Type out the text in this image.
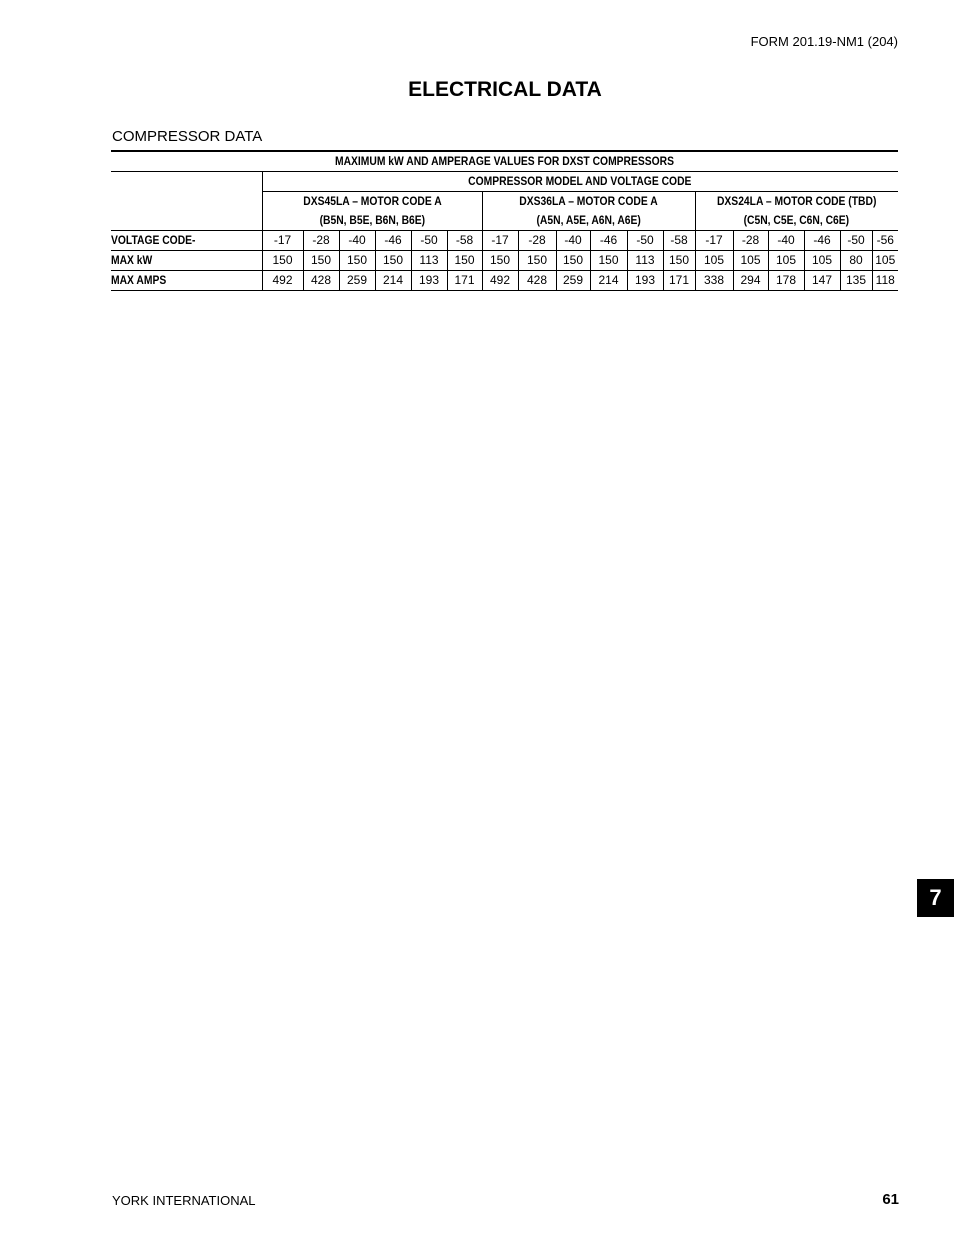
FORM 201.19-NM1 (204)
ELECTRICAL DATA
COMPRESSOR DATA
MAXIMUM kW AND AMPERAGE VALUES FOR DXST COMPRESSORS																		
	COMPRESSOR MODEL AND VOLTAGE CODE																	
	DXS45LA – MOTOR CODE A						DXS36LA – MOTOR CODE A						DXS24LA – MOTOR CODE (TBD)					
	(B5N, B5E, B6N, B6E)						(A5N, A5E, A6N, A6E)						(C5N, C5E, C6N, C6E)					
VOLTAGE CODE-	-17	-28	-40	-46	-50	-58	-17	-28	-40	-46	-50	-58	-17	-28	-40	-46	-50	-56
MAX kW	150	150	150	150	113	150	150	150	150	150	113	150	105	105	105	105	80	105
MAX AMPS	492	428	259	214	193	171	492	428	259	214	193	171	338	294	178	147	135	118
7
YORK INTERNATIONAL	61
